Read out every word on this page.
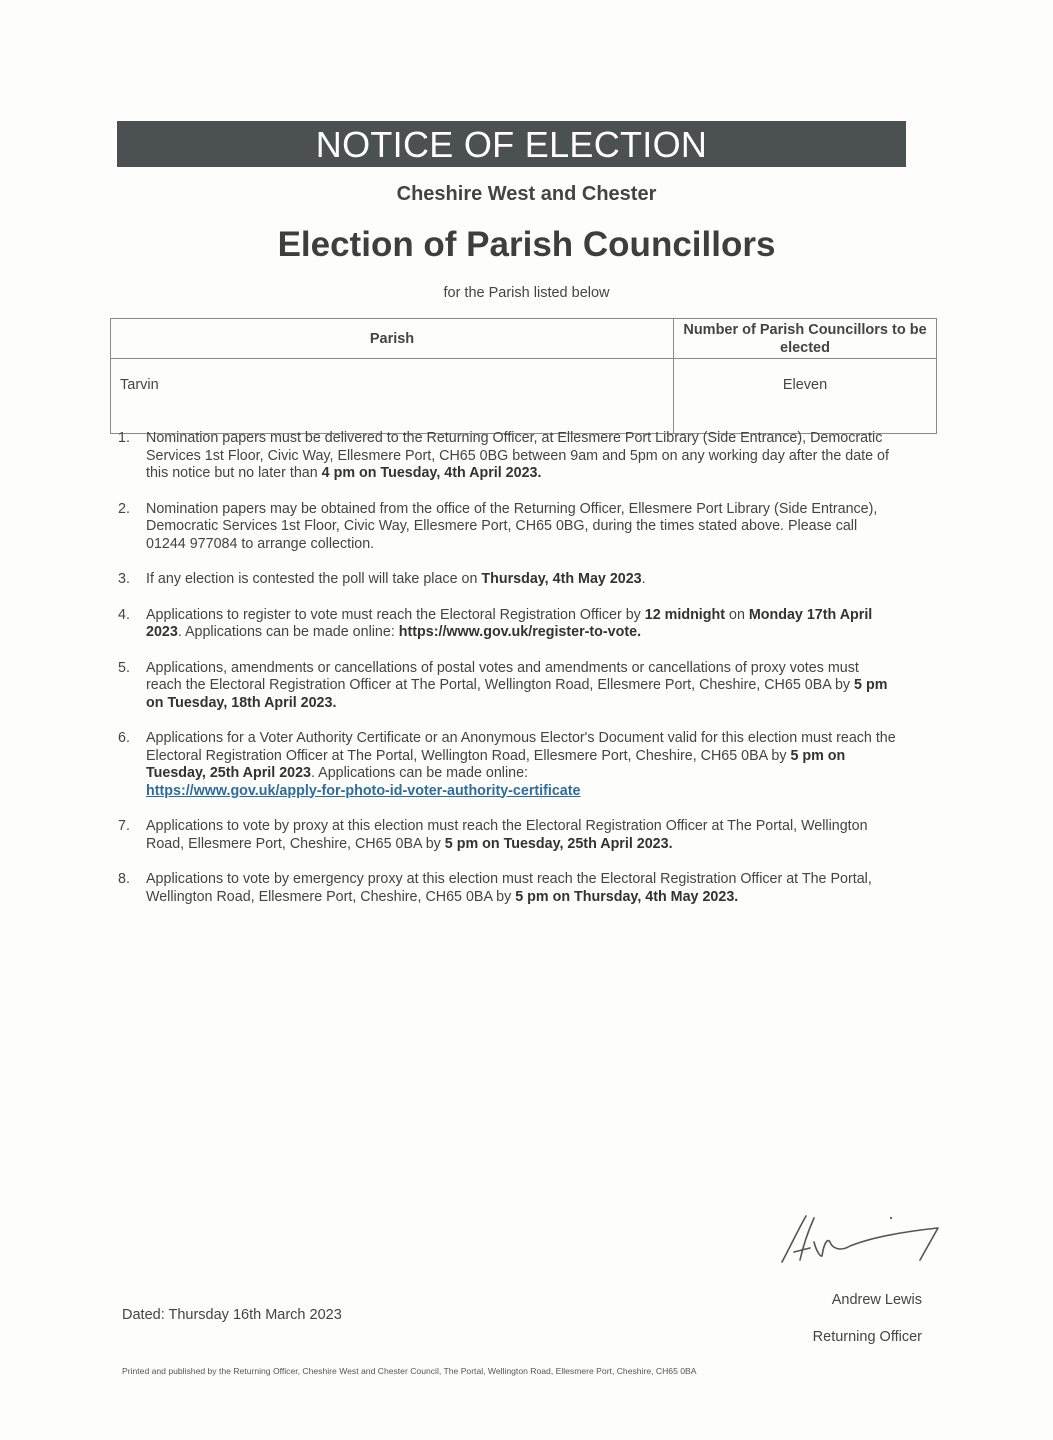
NOTICE OF ELECTION
Cheshire West and Chester
Election of Parish Councillors
for the Parish listed below
Parish	Number of Parish Councillors to be elected
Tarvin	Eleven
1. Nomination papers must be delivered to the Returning Officer, at Ellesmere Port Library (Side Entrance), Democratic Services 1st Floor, Civic Way, Ellesmere Port, CH65 0BG between 9am and 5pm on any working day after the date of this notice but no later than 4 pm on Tuesday, 4th April 2023.
2. Nomination papers may be obtained from the office of the Returning Officer, Ellesmere Port Library (Side Entrance), Democratic Services 1st Floor, Civic Way, Ellesmere Port, CH65 0BG, during the times stated above. Please call 01244 977084 to arrange collection.
3. If any election is contested the poll will take place on Thursday, 4th May 2023.
4. Applications to register to vote must reach the Electoral Registration Officer by 12 midnight on Monday 17th April 2023. Applications can be made online: https://www.gov.uk/register-to-vote.
5. Applications, amendments or cancellations of postal votes and amendments or cancellations of proxy votes must reach the Electoral Registration Officer at The Portal, Wellington Road, Ellesmere Port, Cheshire, CH65 0BA by 5 pm on Tuesday, 18th April 2023.
6. Applications for a Voter Authority Certificate or an Anonymous Elector's Document valid for this election must reach the Electoral Registration Officer at The Portal, Wellington Road, Ellesmere Port, Cheshire, CH65 0BA by 5 pm on Tuesday, 25th April 2023. Applications can be made online:
https://www.gov.uk/apply-for-photo-id-voter-authority-certificate
7. Applications to vote by proxy at this election must reach the Electoral Registration Officer at The Portal, Wellington Road, Ellesmere Port, Cheshire, CH65 0BA by 5 pm on Tuesday, 25th April 2023.
8. Applications to vote by emergency proxy at this election must reach the Electoral Registration Officer at The Portal, Wellington Road, Ellesmere Port, Cheshire, CH65 0BA by 5 pm on Thursday, 4th May 2023.
Dated: Thursday 16th March 2023
Andrew Lewis
Returning Officer
Printed and published by the Returning Officer, Cheshire West and Chester Council, The Portal, Wellington Road, Ellesmere Port, Cheshire, CH65 0BA
